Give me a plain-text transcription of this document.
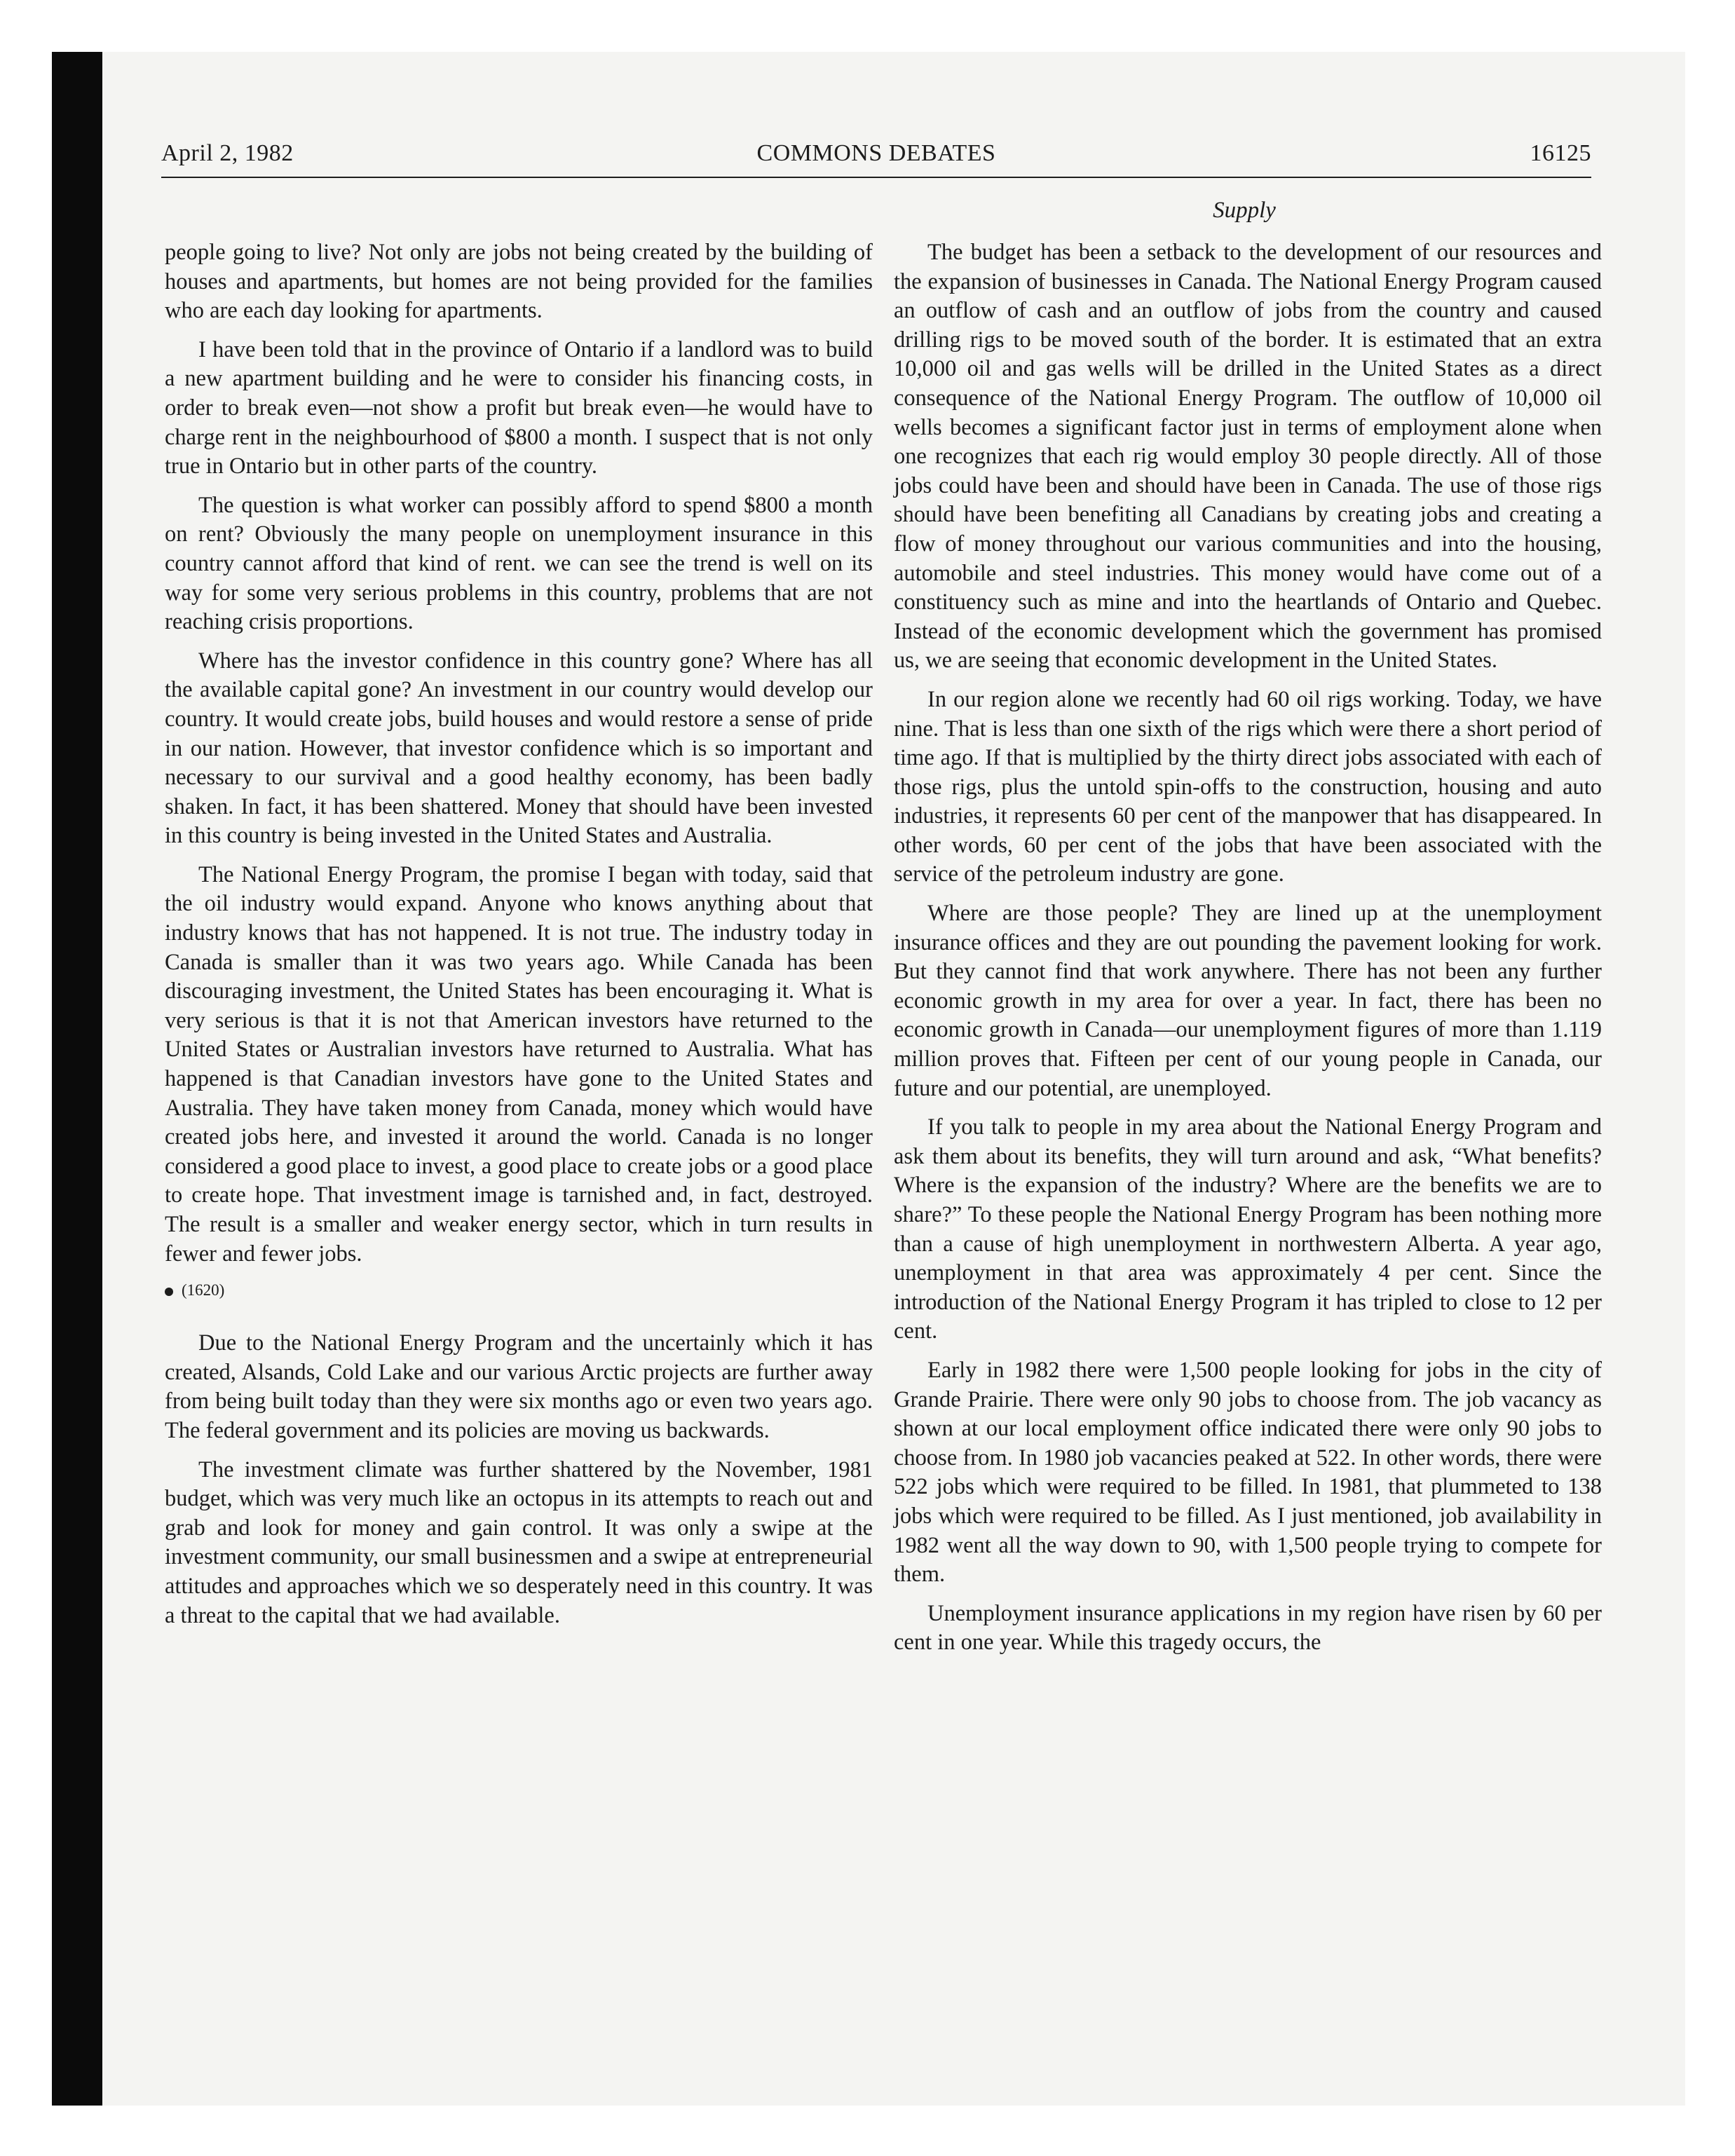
April 2, 1982	COMMONS DEBATES	16125
Supply

people going to live? Not only are jobs not being created by the building of houses and apartments, but homes are not being provided for the families who are each day looking for apartments.

I have been told that in the province of Ontario if a landlord was to build a new apartment building and he were to consider his financing costs, in order to break even—not show a profit but break even—he would have to charge rent in the neighbourhood of $800 a month. I suspect that is not only true in Ontario but in other parts of the country.

The question is what worker can possibly afford to spend $800 a month on rent? Obviously the many people on unemployment insurance in this country cannot afford that kind of rent. we can see the trend is well on its way for some very serious problems in this country, problems that are not reaching crisis proportions.

Where has the investor confidence in this country gone? Where has all the available capital gone? An investment in our country would develop our country. It would create jobs, build houses and would restore a sense of pride in our nation. However, that investor confidence which is so important and necessary to our survival and a good healthy economy, has been badly shaken. In fact, it has been shattered. Money that should have been invested in this country is being invested in the United States and Australia.

The National Energy Program, the promise I began with today, said that the oil industry would expand. Anyone who knows anything about that industry knows that has not happened. It is not true. The industry today in Canada is smaller than it was two years ago. While Canada has been discouraging investment, the United States has been encouraging it. What is very serious is that it is not that American investors have returned to the United States or Australian investors have returned to Australia. What has happened is that Canadian investors have gone to the United States and Australia. They have taken money from Canada, money which would have created jobs here, and invested it around the world. Canada is no longer considered a good place to invest, a good place to create jobs or a good place to create hope. That investment image is tarnished and, in fact, destroyed. The result is a smaller and weaker energy sector, which in turn results in fewer and fewer jobs.

(1620)

Due to the National Energy Program and the uncertainly which it has created, Alsands, Cold Lake and our various Arctic projects are further away from being built today than they were six months ago or even two years ago. The federal government and its policies are moving us backwards.

The investment climate was further shattered by the November, 1981 budget, which was very much like an octopus in its attempts to reach out and grab and look for money and gain control. It was only a swipe at the investment community, our small businessmen and a swipe at entrepreneurial attitudes and approaches which we so desperately need in this country. It was a threat to the capital that we had available.

The budget has been a setback to the development of our resources and the expansion of businesses in Canada. The National Energy Program caused an outflow of cash and an outflow of jobs from the country and caused drilling rigs to be moved south of the border. It is estimated that an extra 10,000 oil and gas wells will be drilled in the United States as a direct consequence of the National Energy Program. The outflow of 10,000 oil wells becomes a significant factor just in terms of employment alone when one recognizes that each rig would employ 30 people directly. All of those jobs could have been and should have been in Canada. The use of those rigs should have been benefiting all Canadians by creating jobs and creating a flow of money throughout our various communities and into the housing, automobile and steel industries. This money would have come out of a constituency such as mine and into the heartlands of Ontario and Quebec. Instead of the economic development which the government has promised us, we are seeing that economic development in the United States.

In our region alone we recently had 60 oil rigs working. Today, we have nine. That is less than one sixth of the rigs which were there a short period of time ago. If that is multiplied by the thirty direct jobs associated with each of those rigs, plus the untold spin-offs to the construction, housing and auto industries, it represents 60 per cent of the manpower that has disappeared. In other words, 60 per cent of the jobs that have been associated with the service of the petroleum industry are gone.

Where are those people? They are lined up at the unemployment insurance offices and they are out pounding the pavement looking for work. But they cannot find that work anywhere. There has not been any further economic growth in my area for over a year. In fact, there has been no economic growth in Canada—our unemployment figures of more than 1.119 million proves that. Fifteen per cent of our young people in Canada, our future and our potential, are unemployed.

If you talk to people in my area about the National Energy Program and ask them about its benefits, they will turn around and ask, “What benefits? Where is the expansion of the industry? Where are the benefits we are to share?” To these people the National Energy Program has been nothing more than a cause of high unemployment in northwestern Alberta. A year ago, unemployment in that area was approximately 4 per cent. Since the introduction of the National Energy Program it has tripled to close to 12 per cent.

Early in 1982 there were 1,500 people looking for jobs in the city of Grande Prairie. There were only 90 jobs to choose from. The job vacancy as shown at our local employment office indicated there were only 90 jobs to choose from. In 1980 job vacancies peaked at 522. In other words, there were 522 jobs which were required to be filled. In 1981, that plummeted to 138 jobs which were required to be filled. As I just mentioned, job availability in 1982 went all the way down to 90, with 1,500 people trying to compete for them.

Unemployment insurance applications in my region have risen by 60 per cent in one year. While this tragedy occurs, the
